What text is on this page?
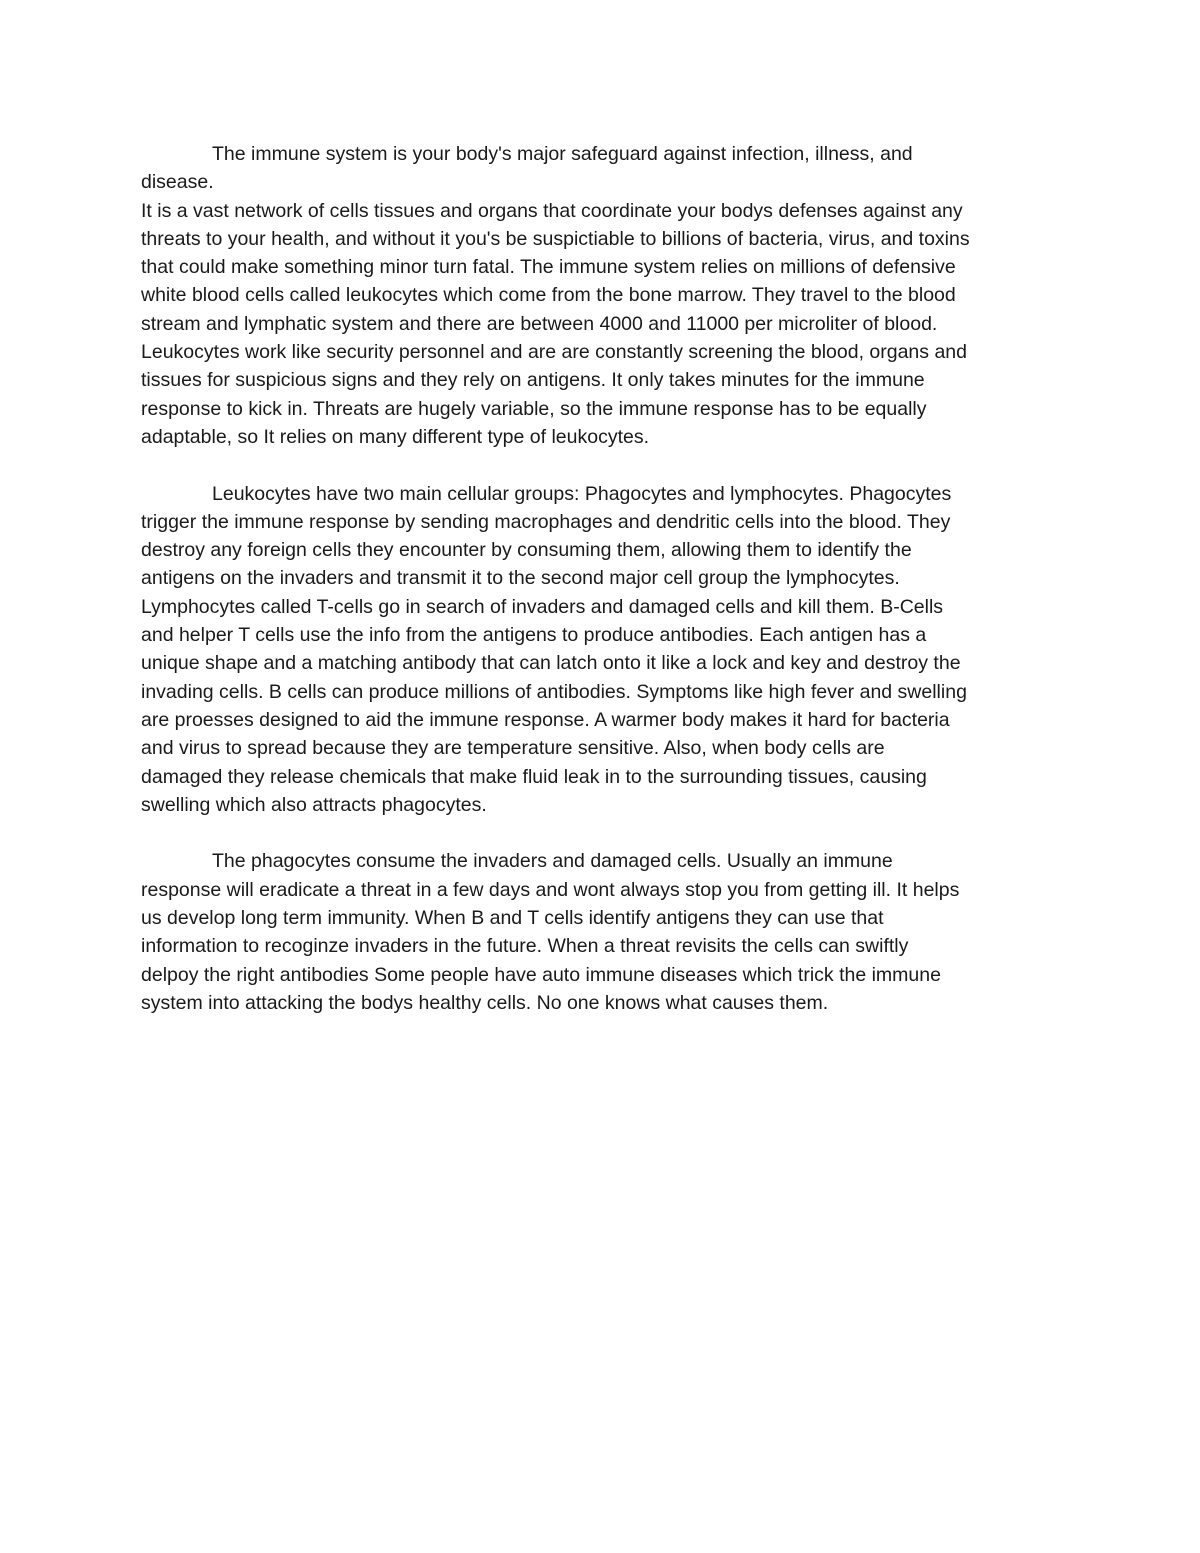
The immune system is your body's major safeguard against infection, illness, and
disease.

It is a vast network of cells tissues and organs that coordinate your bodys defenses against any
threats to your health, and without it you's be suspictiable to billions of bacteria, virus, and toxins
that could make something minor turn fatal. The immune system relies on millions of defensive
white blood cells called leukocytes which come from the bone marrow. They travel to the blood
stream and lymphatic system and there are between 4000 and 11000 per microliter of blood.
Leukocytes work like security personnel and are are constantly screening the blood, organs and
tissues for suspicious signs and they rely on antigens. It only takes minutes for the immune
response to kick in. Threats are hugely variable, so the immune response has to be equally
adaptable, so It relies on many different type of leukocytes.

Leukocytes have two main cellular groups: Phagocytes and lymphocytes. Phagocytes
trigger the immune response by sending macrophages and dendritic cells into the blood. They
destroy any foreign cells they encounter by consuming them, allowing them to identify the
antigens on the invaders and transmit it to the second major cell group the lymphocytes.
Lymphocytes called T-cells go in search of invaders and damaged cells and kill them. B-Cells
and helper T cells use the info from the antigens to produce antibodies. Each antigen has a
unique shape and a matching antibody that can latch onto it like a lock and key and destroy the
invading cells. B cells can produce millions of antibodies. Symptoms like high fever and swelling
are proesses designed to aid the immune response. A warmer body makes it hard for bacteria
and virus to spread because they are temperature sensitive. Also, when body cells are
damaged they release chemicals that make fluid leak in to the surrounding tissues, causing
swelling which also attracts phagocytes.

The phagocytes consume the invaders and damaged cells. Usually an immune
response will eradicate a threat in a few days and wont always stop you from getting ill. It helps
us develop long term immunity. When B and T cells identify antigens they can use that
information to recoginze invaders in the future. When a threat revisits the cells can swiftly
delpoy the right antibodies Some people have auto immune diseases which trick the immune
system into attacking the bodys healthy cells. No one knows what causes them.
